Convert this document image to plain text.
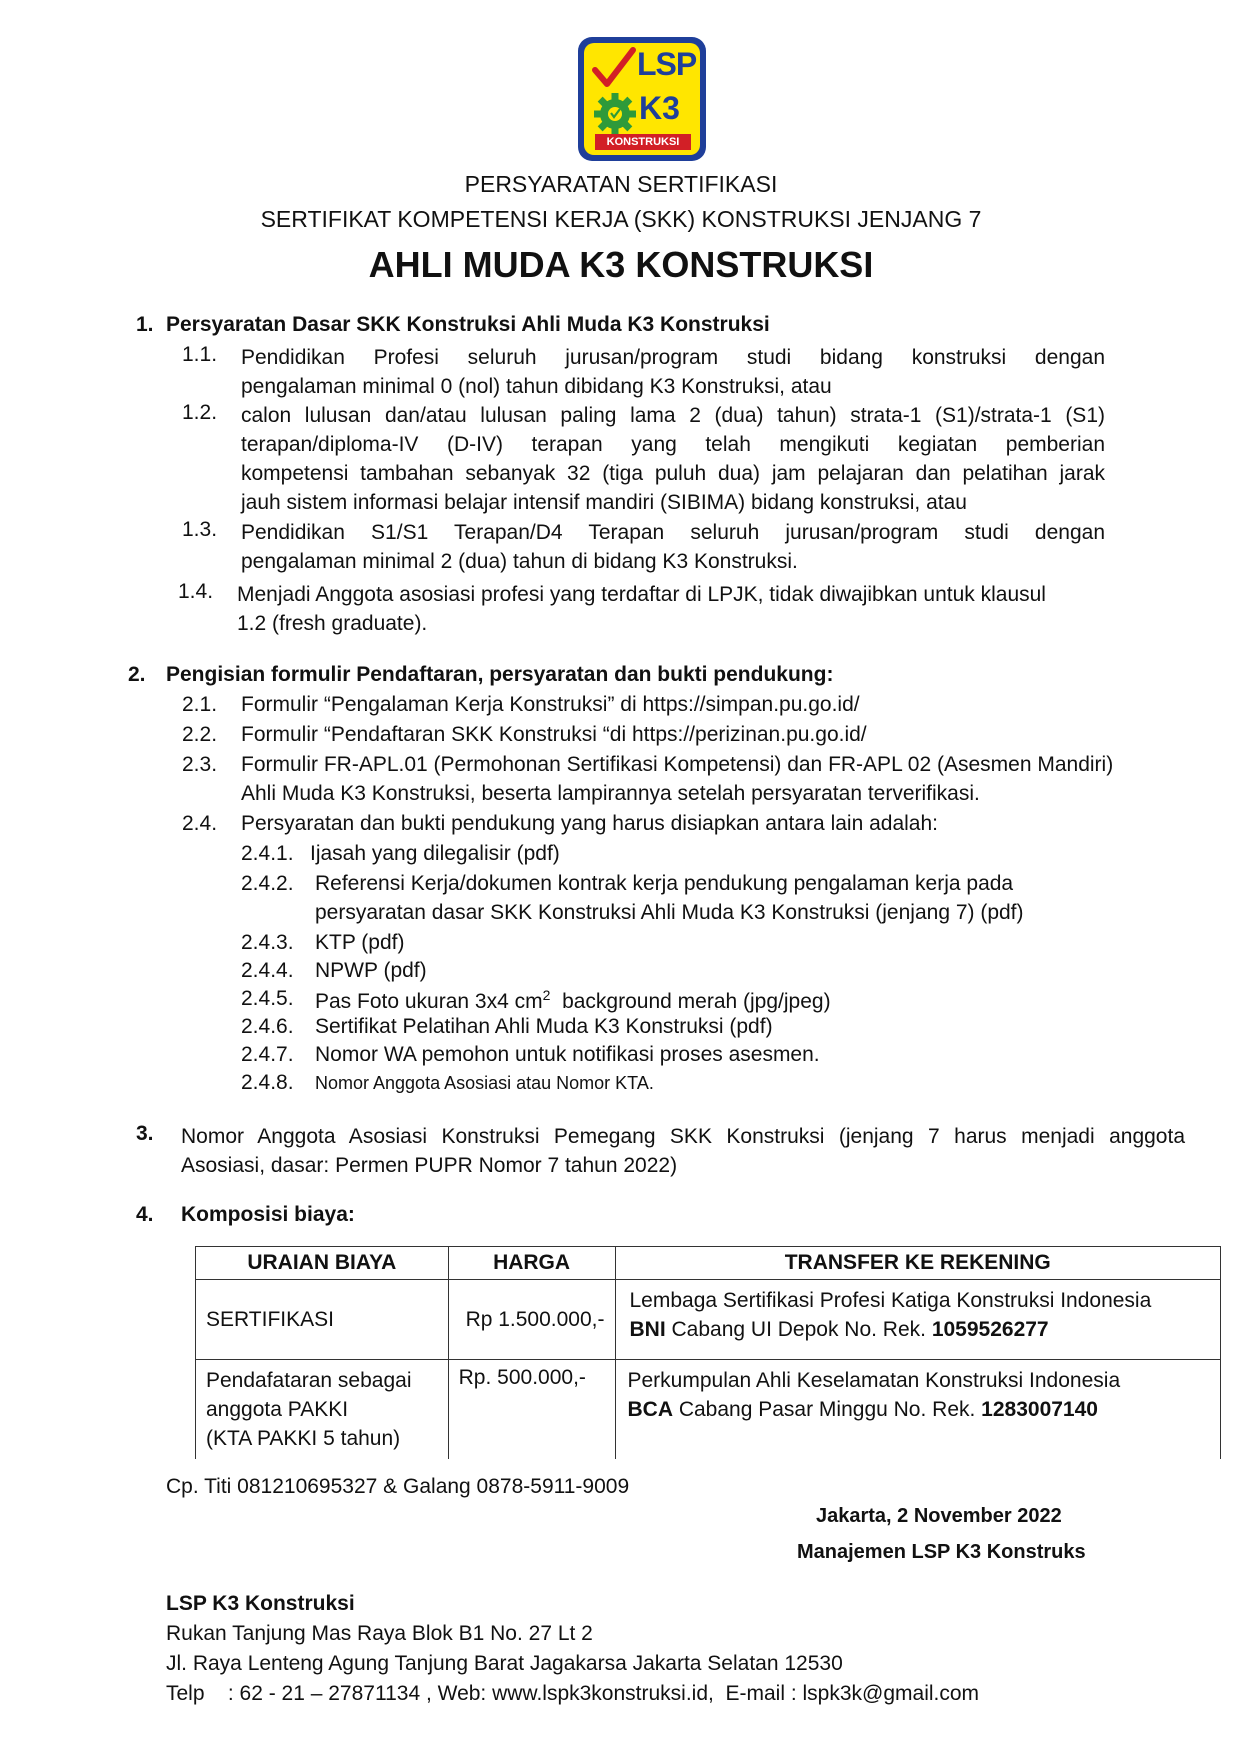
LSP
K3
KONSTRUKSI
PERSYARATAN SERTIFIKASI
SERTIFIKAT KOMPETENSI KERJA (SKK) KONSTRUKSI JENJANG 7
AHLI MUDA K3 KONSTRUKSI
1. Persyaratan Dasar SKK Konstruksi Ahli Muda K3 Konstruksi
1.1. Pendidikan Profesi seluruh jurusan/program studi bidang konstruksi dengan
pengalaman minimal 0 (nol) tahun dibidang K3 Konstruksi, atau
1.2. calon lulusan dan/atau lulusan paling lama 2 (dua) tahun) strata-1 (S1)/strata-1 (S1)
terapan/diploma-IV (D-IV) terapan yang telah mengikuti kegiatan pemberian
kompetensi tambahan sebanyak 32 (tiga puluh dua) jam pelajaran dan pelatihan jarak
jauh sistem informasi belajar intensif mandiri (SIBIMA) bidang konstruksi, atau
1.3. Pendidikan S1/S1 Terapan/D4 Terapan seluruh jurusan/program studi dengan
pengalaman minimal 2 (dua) tahun di bidang K3 Konstruksi.
1.4. Menjadi Anggota asosiasi profesi yang terdaftar di LPJK, tidak diwajibkan untuk klausul
1.2 (fresh graduate).
2. Pengisian formulir Pendaftaran, persyaratan dan bukti pendukung:
2.1. Formulir “Pengalaman Kerja Konstruksi” di https://simpan.pu.go.id/
2.2. Formulir “Pendaftaran SKK Konstruksi “di https://perizinan.pu.go.id/
2.3. Formulir FR-APL.01 (Permohonan Sertifikasi Kompetensi) dan FR-APL 02 (Asesmen Mandiri)
Ahli Muda K3 Konstruksi, beserta lampirannya setelah persyaratan terverifikasi.
2.4. Persyaratan dan bukti pendukung yang harus disiapkan antara lain adalah:
2.4.1. Ijasah yang dilegalisir (pdf)
2.4.2. Referensi Kerja/dokumen kontrak kerja pendukung pengalaman kerja pada
persyaratan dasar SKK Konstruksi Ahli Muda K3 Konstruksi (jenjang 7) (pdf)
2.4.3. KTP (pdf)
2.4.4. NPWP (pdf)
2.4.5. Pas Foto ukuran 3x4 $cm^2$  background merah (jpg/jpeg)
2.4.6. Sertifikat Pelatihan Ahli Muda K3 Konstruksi (pdf)
2.4.7. Nomor WA pemohon untuk notifikasi proses asesmen.
2.4.8. Nomor Anggota Asosiasi atau Nomor KTA.
3. Nomor Anggota Asosiasi Konstruksi Pemegang SKK Konstruksi (jenjang 7 harus menjadi anggota
Asosiasi, dasar: Permen PUPR Nomor 7 tahun 2022)
4. Komposisi biaya:
URAIAN BIAYA	HARGA	TRANSFER KE REKENING
SERTIFIKASI	Rp 1.500.000,-	Lembaga Sertifikasi Profesi Katiga Konstruksi Indonesia
BNI Cabang UI Depok No. Rek. 1059526277

Pendafataran sebagai
anggota PAKKI
(KTA PAKKI 5 tahun)	Rp. 500.000,-	Perkumpulan Ahli Keselamatan Konstruksi Indonesia
BCA Cabang Pasar Minggu No. Rek. 1283007140
Cp. Titi 081210695327 & Galang 0878-5911-9009
Jakarta, 2 November 2022
Manajemen LSP K3 Konstruks
LSP K3 Konstruksi
Rukan Tanjung Mas Raya Blok B1 No. 27 Lt 2
Jl. Raya Lenteng Agung Tanjung Barat Jagakarsa Jakarta Selatan 12530
Telp    : 62 - 21 – 27871134 , Web: www.lspk3konstruksi.id,  E-mail : lspk3k@gmail.com
